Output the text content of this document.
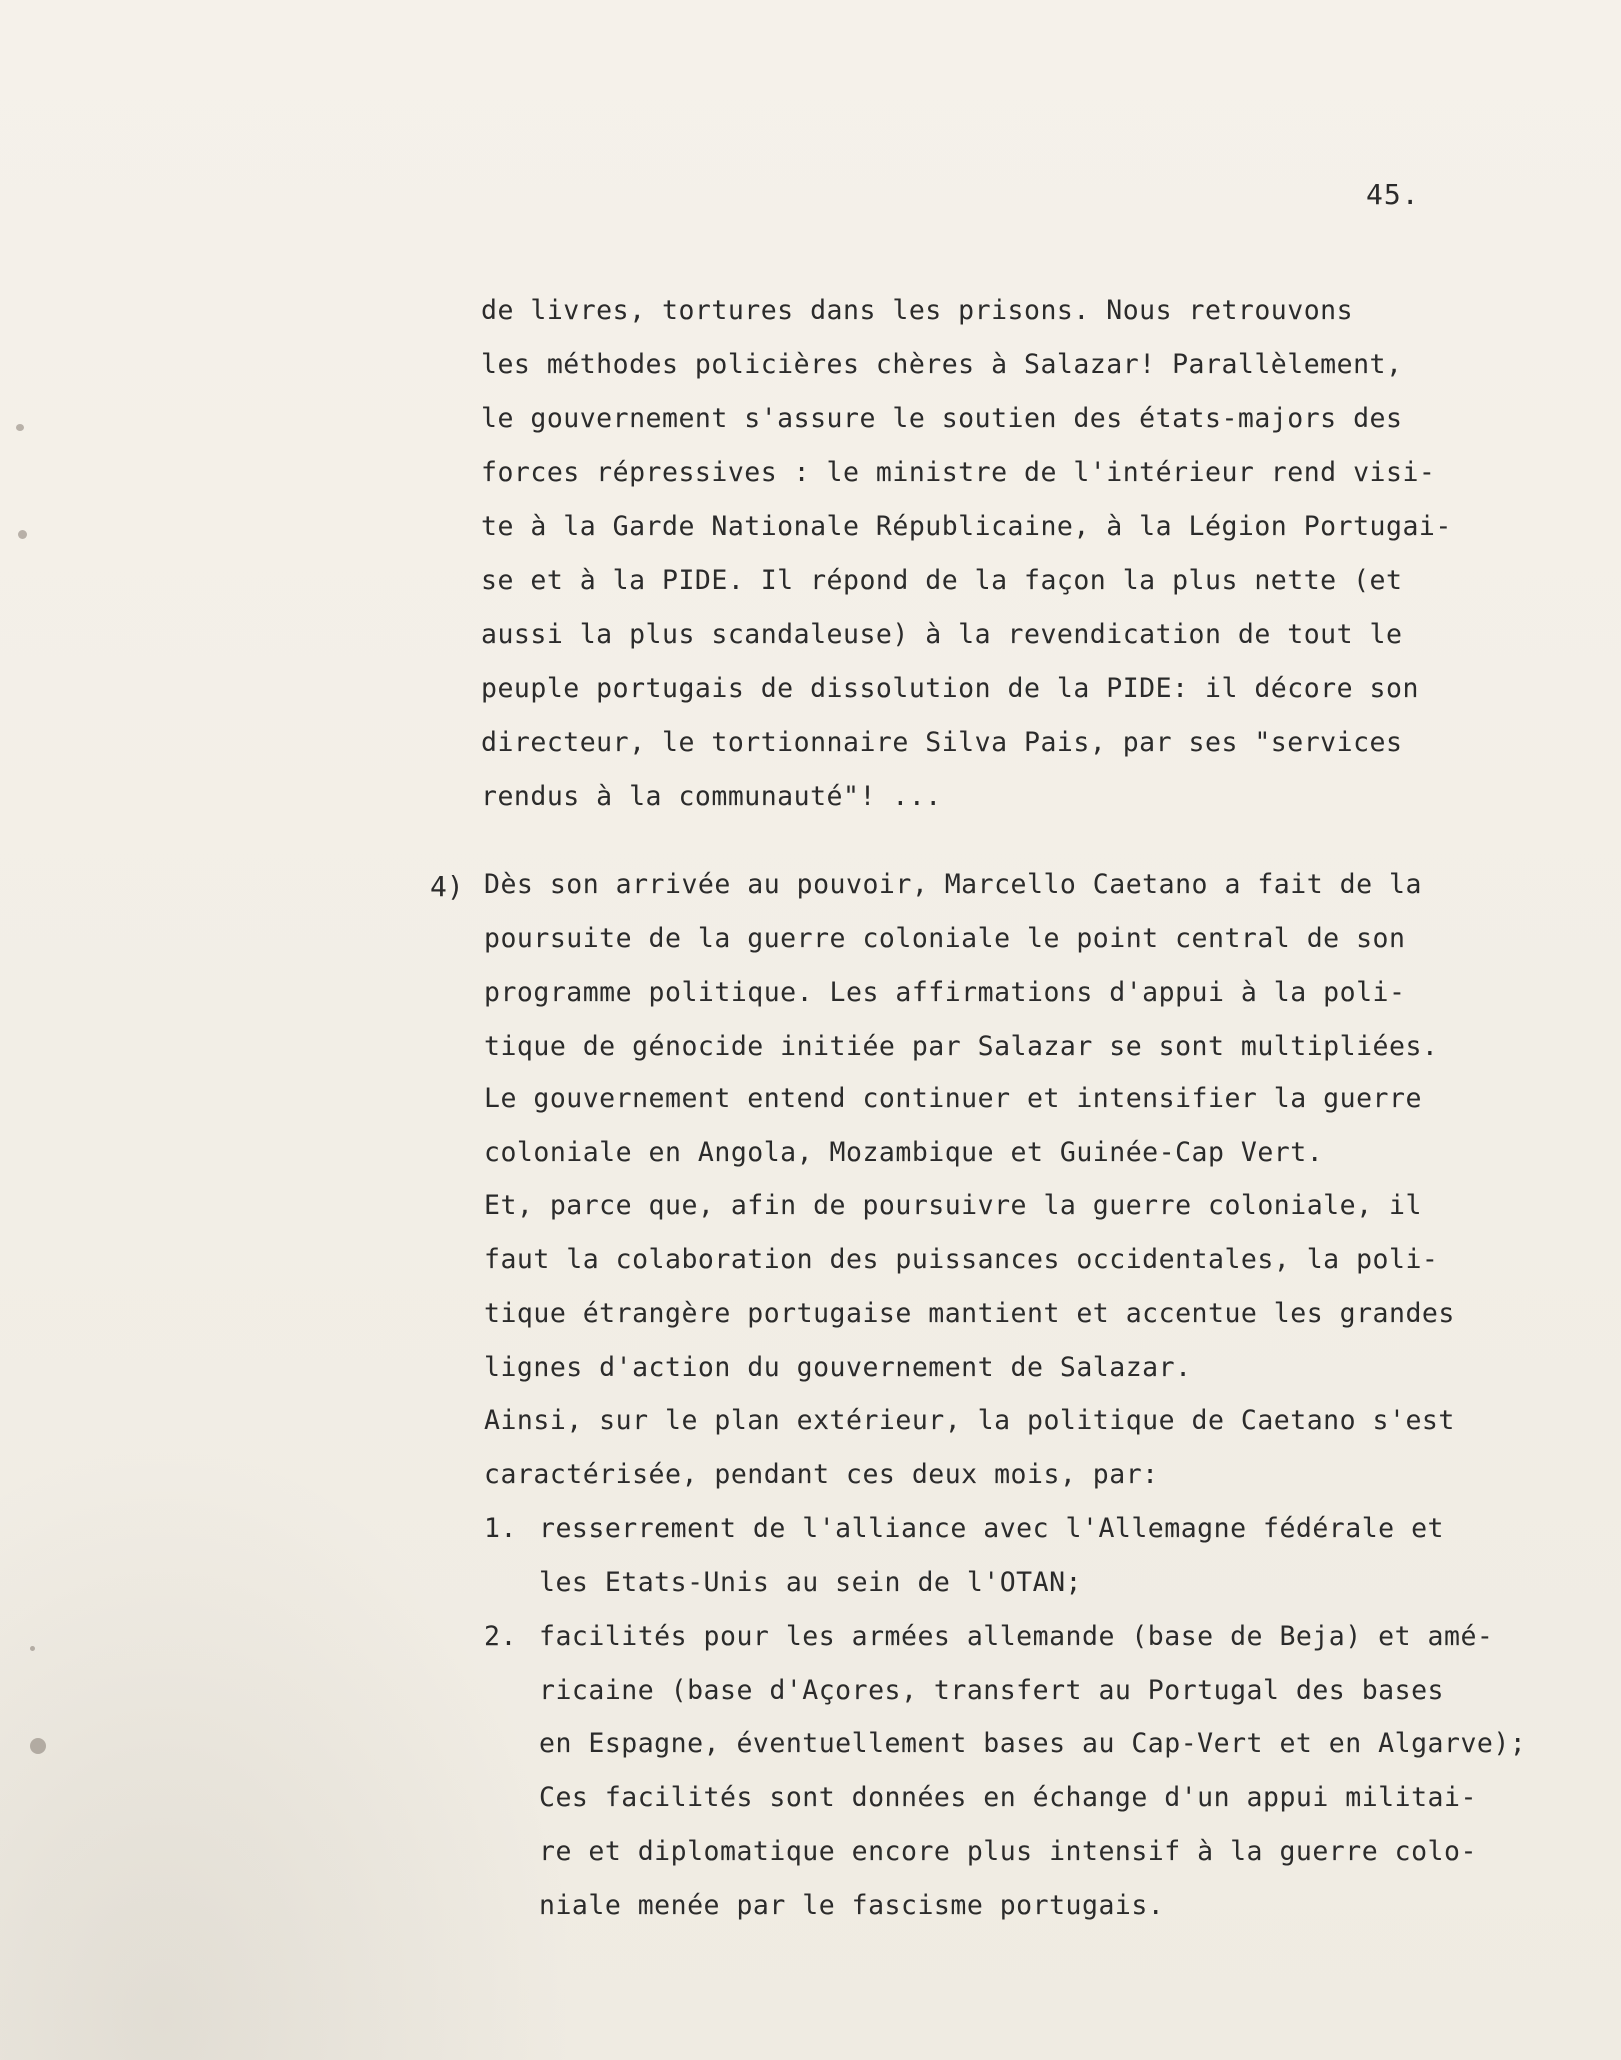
45.
de livres, tortures dans les prisons. Nous retrouvons
les méthodes policières chères à Salazar! Parallèlement,
le gouvernement s'assure le soutien des états-majors des
forces répressives : le ministre de l'intérieur rend visi-
te à la Garde Nationale Républicaine, à la Légion Portugai-
se et à la PIDE. Il répond de la façon la plus nette (et
aussi la plus scandaleuse) à la revendication de tout le
peuple portugais de dissolution de la PIDE: il décore son
directeur, le tortionnaire Silva Pais, par ses "services
rendus à la communauté"! ...
4) Dès son arrivée au pouvoir, Marcello Caetano a fait de la
poursuite de la guerre coloniale le point central de son
programme politique. Les affirmations d'appui à la poli-
tique de génocide initiée par Salazar se sont multipliées.
Le gouvernement entend continuer et intensifier la guerre
coloniale en Angola, Mozambique et Guinée-Cap Vert.
Et, parce que, afin de poursuivre la guerre coloniale, il
faut la colaboration des puissances occidentales, la poli-
tique étrangère portugaise mantient et accentue les grandes
lignes d'action du gouvernement de Salazar.
Ainsi, sur le plan extérieur, la politique de Caetano s'est
caractérisée, pendant ces deux mois, par:
1. resserrement de l'alliance avec l'Allemagne fédérale et
les Etats-Unis au sein de l'OTAN;
2. facilités pour les armées allemande (base de Beja) et amé-
ricaine (base d'Açores, transfert au Portugal des bases
en Espagne, éventuellement bases au Cap-Vert et en Algarve);
Ces facilités sont données en échange d'un appui militai-
re et diplomatique encore plus intensif à la guerre colo-
niale menée par le fascisme portugais.
